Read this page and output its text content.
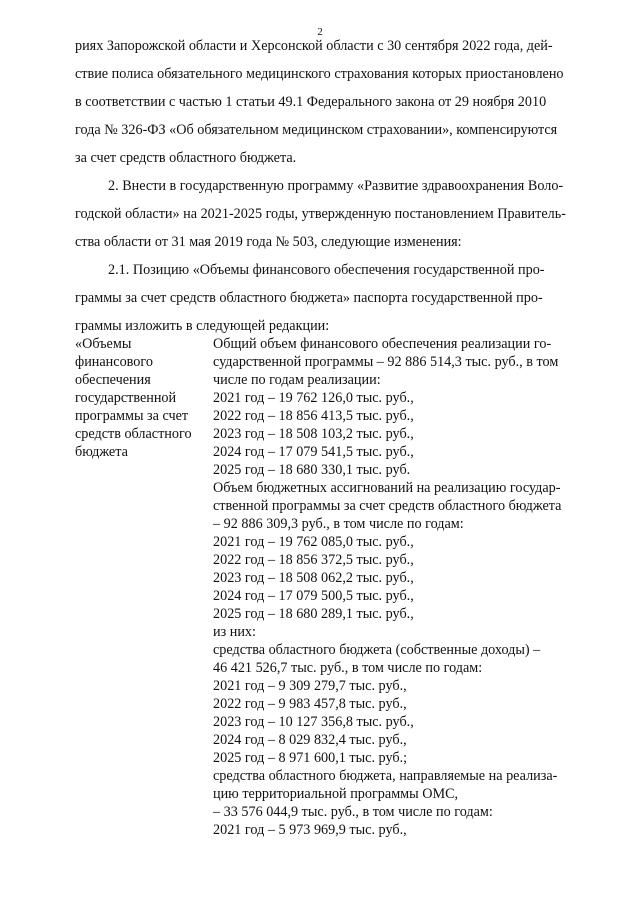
2
риях Запорожской области и Херсонской области с 30 сентября 2022 года, дей-
ствие полиса обязательного медицинского страхования которых приостановлено
в соответствии с частью 1 статьи 49.1 Федерального закона от 29 ноября 2010
года № 326-ФЗ «Об обязательном медицинском страховании», компенсируются
за счет средств областного бюджета.
2. Внести в государственную программу «Развитие здравоохранения Воло-
годской области» на 2021-2025 годы, утвержденную постановлением Правитель-
ства области от 31 мая 2019 года № 503, следующие изменения:
2.1. Позицию «Объемы финансового обеспечения государственной про-
граммы за счет средств областного бюджета» паспорта государственной про-
граммы изложить в следующей редакции:
«Объемы
финансового
обеспечения
государственной
программы за счет
средств областного
бюджета
Общий объем финансового обеспечения реализации го-
сударственной программы – 92 886 514,3 тыс. руб., в том
числе по годам реализации:
2021 год – 19 762 126,0 тыс. руб.,
2022 год – 18 856 413,5 тыс. руб.,
2023 год – 18 508 103,2 тыс. руб.,
2024 год – 17 079 541,5 тыс. руб.,
2025 год – 18 680 330,1 тыс. руб.
Объем бюджетных ассигнований на реализацию государ-
ственной программы за счет средств областного бюджета
– 92 886 309,3 руб., в том числе по годам:
2021 год – 19 762 085,0 тыс. руб.,
2022 год – 18 856 372,5 тыс. руб.,
2023 год – 18 508 062,2 тыс. руб.,
2024 год – 17 079 500,5 тыс. руб.,
2025 год – 18 680 289,1 тыс. руб.,
из них:
средства областного бюджета (собственные доходы) –
46 421 526,7 тыс. руб., в том числе по годам:
2021 год – 9 309 279,7 тыс. руб.,
2022 год – 9 983 457,8 тыс. руб.,
2023 год – 10 127 356,8 тыс. руб.,
2024 год – 8 029 832,4 тыс. руб.,
2025 год – 8 971 600,1 тыс. руб.;
средства областного бюджета, направляемые на реализа-
цию территориальной программы ОМС,
– 33 576 044,9 тыс. руб., в том числе по годам:
2021 год – 5 973 969,9 тыс. руб.,
